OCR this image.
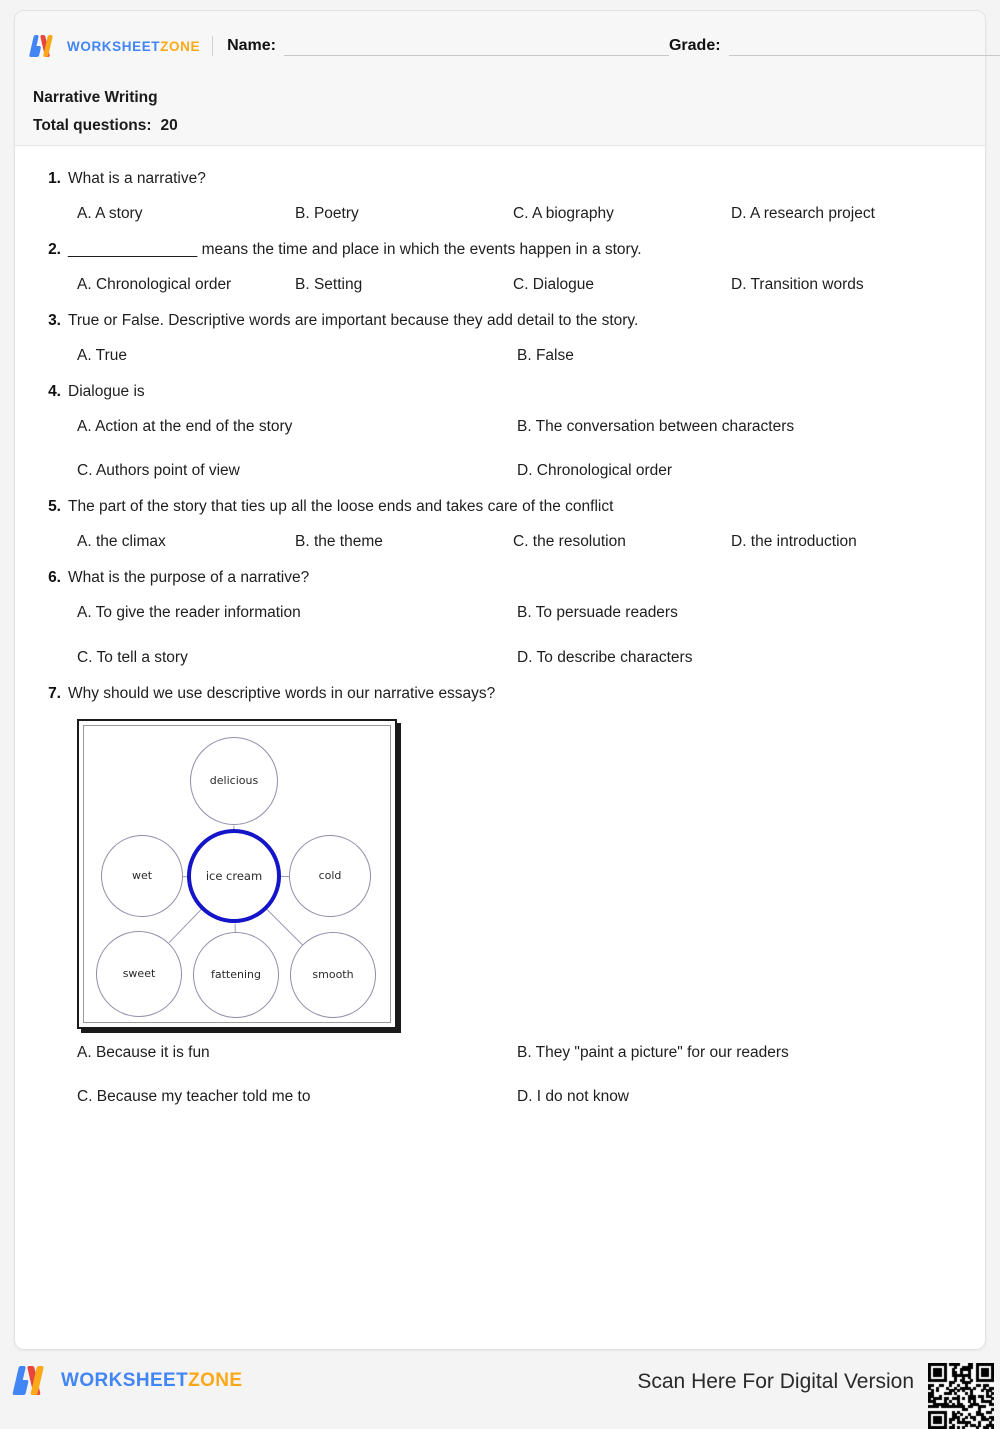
WORKSHEETZONE Name:	Grade:
Narrative Writing
Total questions: 20
1. What is a narrative?
A. A story	B. Poetry	C. A biography	D. A research project
2. _______________ means the time and place in which the events happen in a story.
A. Chronological order	B. Setting	C. Dialogue	D. Transition words
3. True or False. Descriptive words are important because they add detail to the story.
A. True	B. False
4. Dialogue is
A. Action at the end of the story	B. The conversation between characters
C. Authors point of view	D. Chronological order
5. The part of the story that ties up all the loose ends and takes care of the conflict
A. the climax	B. the theme	C. the resolution	D. the introduction
6. What is the purpose of a narrative?
A. To give the reader information	B. To persuade readers
C. To tell a story	D. To describe characters
7. Why should we use descriptive words in our narrative essays?
delicious
wet	cold
sweet	fattening	smooth
ice cream
A. Because it is fun	B. They "paint a picture" for our readers
C. Because my teacher told me to	D. I do not know
WORKSHEETZONE	Scan Here For Digital Version
